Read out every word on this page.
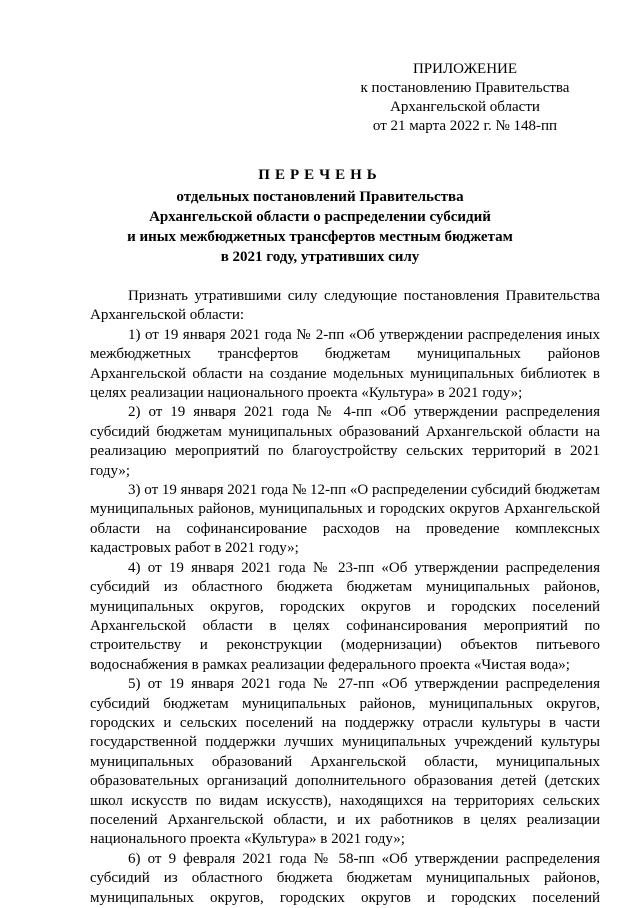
ПРИЛОЖЕНИЕ
к постановлению Правительства
Архангельской области
от 21 марта 2022 г. № 148-пп
ПЕРЕЧЕНЬ
отдельных постановлений Правительства
Архангельской области о распределении субсидий
и иных межбюджетных трансфертов местным бюджетам
в 2021 году, утративших силу

Признать утратившими силу следующие постановления Правительства Архангельской области:

1) от 19 января 2021 года № 2-пп «Об утверждении распределения иных межбюджетных трансфертов бюджетам муниципальных районов Архангельской области на создание модельных муниципальных библиотек в целях реализации национального проекта «Культура» в 2021 году»;

2) от 19 января 2021 года № 4-пп «Об утверждении распределения субсидий бюджетам муниципальных образований Архангельской области на реализацию мероприятий по благоустройству сельских территорий в 2021 году»;

3) от 19 января 2021 года № 12-пп «О распределении субсидий бюджетам муниципальных районов, муниципальных и городских округов Архангельской области на софинансирование расходов на проведение комплексных кадастровых работ в 2021 году»;

4) от 19 января 2021 года № 23-пп «Об утверждении распределения субсидий из областного бюджета бюджетам муниципальных районов, муниципальных округов, городских округов и городских поселений Архангельской области в целях софинансирования мероприятий по строительству и реконструкции (модернизации) объектов питьевого водоснабжения в рамках реализации федерального проекта «Чистая вода»;

5) от 19 января 2021 года № 27-пп «Об утверждении распределения субсидий бюджетам муниципальных районов, муниципальных округов, городских и сельских поселений на поддержку отрасли культуры в части государственной поддержки лучших муниципальных учреждений культуры муниципальных образований Архангельской области, муниципальных образовательных организаций дополнительного образования детей (детских школ искусств по видам искусств), находящихся на территориях сельских поселений Архангельской области, и их работников в целях реализации национального проекта «Культура» в 2021 году»;

6) от 9 февраля 2021 года № 58-пп «Об утверждении распределения субсидий из областного бюджета бюджетам муниципальных районов, муниципальных округов, городских округов и городских поселений
